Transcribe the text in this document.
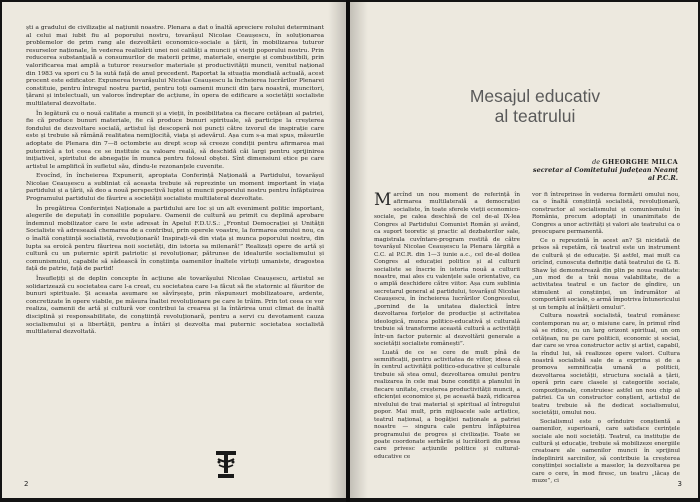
ști a gradului de civilizație al națiunii noastre. Plenara a dat o înaltă apreciere rolului determinant al celui mai iubit fiu al poporului nostru, tovarășul Nicolae Ceaușescu, în soluționarea problemelor de prim rang ale dezvoltării economico-sociale a țării, în mobilizarea tuturor resurselor naționale, în vederea realizării unei noi calități a muncii și vieții poporului nostru. Prin reducerea substanțială a consumurilor de materii prime, materiale, energie și combustibili, prin valorificarea mai amplă a tuturor resurselor materiale și productivității muncii, venitul național din 1983 va spori cu 5 la sută față de anul precedent. Raportat la situația mondială actuală, acest procent este edificator. Expunerea tovarășului Nicolae Ceaușescu la încheierea lucrărilor Plenarei constituie, pentru întregul nostru partid, pentru toți oamenii muncii din țara noastră, muncitori, țărani și intelectuali, un valoros îndreptar de acțiune, în opera de edificare a societății socialiste multilateral dezvoltate.

În legătură cu o nouă calitate a muncii și a vieții, în posibilitatea ca fiecare cetățean al patriei, fie că produce bunuri materiale, fie că produce bunuri spirituale, să participe la creșterea fondului de dezvoltare socială, artistul își descoperă noi puncți către izvorul de inspirație care este și trebuie să rămână realitatea nemijlocită, viața și adevărul. Așa cum s-a mai spus, măsurile adoptate de Plenara din 7—8 octombrie au drept scop să creeze condiții pentru afirmarea mai puternică a tot ceea ce se instituie ca valoare reală, să deschidă căi largi pentru sprijinirea inițiativei, spiritului de abnegație în munca pentru folosul obștei. Sînt dimensiuni etice pe care artistul le amplifică în sufletul său, dîndu-le rezonanțele cuvenite.

Evocînd, în încheierea Expunerii, apropiata Conferință Națională a Partidului, tovarășul Nicolae Ceaușescu a subliniat că aceasta trebuie să reprezinte un moment important în viața partidului și a țării, să deo a nouă perspectivă luptei și muncii poporului nostru pentru înfăptuirea Programului partidului de făurire a societății socialiste multilateral dezvoltate.

În pregătirea Conferinței Naționale a partidului are loc și un alt eveniment politic important, alegerile de deputați în consiliile populare. Oamenii de cultură au primit cu deplină aprobare îndemnul mobilizator care le este adresat în Apelul F.D.U.S.: „Frontul Democrației și Unității Socialiste vă adresează chemarea de a contribui, prin operele voastre, la formarea omului nou, ca o înaltă conștiință socialistă, revoluționară! Inspirați-vă din viața și munca poporului nostru, din lupta sa eroică pentru făurirea noii societăți, din istoria sa milenară!” Realizați opere de artă și cultură cu un puternic spirit patriotic și revoluționar, pătrunse de idealurile socialismului și comunismului, capabile să sădească în conștiința oamenilor înaltele virtuți umaniste, dragostea față de patrie, față de partid!

Însuflețiți și de deplin concepte în acțiune ale tovarășului Nicolae Ceaușescu, artistul se solidarizează cu societatea care l-a creat, cu societatea care l-a făcut să fie statornic al făuritor de bunuri spirituale. Și aceasta asumare se săvîrșește, prin răspunsuri mobilizatoare, ardente, concretizate în opere viabile, pe măsura înaltei revoluționare pe care le trăim. Prin tot ceea ce vor realiza, oamenii de artă și cultură vor contribui la crearea și la întărirea unui climat de înaltă disciplină și responsabilitate, de conștiință revoluționară, pentru a servi cu devotament cauza socialismului și a libertății, pentru a întări și dezvolta mai puternic societatea socialistă multilateral dezvoltată.

2
Mesajul educativ
al teatrului
de GHEORGHE MILCA
secretar al Comitetului județean Neamț
al P.C.R.

Marcînd un nou moment de referință în afirmarea multilaterală a democrației socialiste, în toate sferele vieții economico-sociale, pe calea deschisă de cel de-al IX-lea Congres al Partidului Comunist Român și având, ca suport teoretic și practic al dezbaterilor sale, magistrala cuvîntare-program rostită de către tovarășul Nicolae Ceaușescu la Plenara lărgită a C.C. al P.C.R. din 1—3 iunie a.c., cel de-al doilea Congres al educației politice și al culturii socialiste se înscrie în istoria nouă a culturii noastre, mai ales cu valențele sale orientative, ca o amplă deschidere către viitor. Așa cum sublinia secretarul general al partidului, tovarășul Nicolae Ceaușescu, în încheierea lucrărilor Congresului, „pornind de la unitatea dialectică între dezvoltarea forțelor de producție și activitatea ideologică, munca politico-educativă și culturală trebuie să transforme această cultură a activității într-un factor puternic al dezvoltării generale a societății socialiste românești”.

Luată de ce se cere de mult pînă de semnificații, pentru activitatea de viitor, ideea că în centrul activității politico-educative și culturale trebuie să stea omul, dezvoltarea omului pentru realizarea în cele mai bune condiții a planului în fiecare unitate, creșterea productivității muncii, a eficienței economice și, pe această bază, ridicarea nivelului de trai material și spiritual al întregului popor. Mai mult, prin mijloacele sale artistice, teatrul național, a bogăției naționale a patriei noastre — singura cale pentru înfăptuirea programului de progres și civilizație. Toate se poate coordonate serbările și lucrătorii din presa care privesc acțiunile politice și cultural-educative ce

vor fi întreprinse în vederea formării omului nou, ca o înaltă conștiință socialistă, revoluționară, constructor al socialismului și comunismului în România, precum adoptați in unanimitate de Congres a unor activități și valori ale teatrului ca o preocupare permanentă.

Ce o reprezintă în acest an? Și nicidată de prisos să repetăm, că teatrul este un instrument de cultură și de educație. Și astfel, mai mult ca oricînd, cunoscuta definiție dată teatrului de G. B. Shaw își demonstrează din plin pe noua realitate: „un mod de a trăi noua valabilitate, de a activitatea teatrul e un factor de gîndire, un stimulent al conștiinței, un îndrumător al comportării sociale, o armă împotriva întunericului și un templu al înălțării omului”.

Cultura noastră socialistă, teatrul românesc contemporan nu ar, o misiune care, în primul rînd să se ridice, cu un larg orizont spiritual, un om cetățean, nu pe care politicii, economic și social, dar care se vrea constructor activ și artist, capabil, la rîndul lui, să realizeze opere valori. Cultura noastră socialistă sale de a exprima și de a promova semnificația umană a politicii, dezvoltarea societății, structura socială a țării, operă prin care clasele și categoriile sociale, compoziționale, construiesc astfel un nou chip al patriei. Ca un constructor conștient, artistul de teatru trebuie să fie dedicat socialismului, societății, omului nou.

Socialismul este o orînduire conștientă a oamenilor, superioară, care satisface cerințele sociale ale noii societăți. Teatrul, ca instituție de cultură și educație, trebuie să mobilizeze energiile creatoare ale oamenilor muncii în sprijinul îndeplinirii sarcinilor, să contribuie la creșterea conștiinței socialiste a maselor, la dezvoltarea pe care o cere, în mod firesc, un teatru „lăcaș de muze”, ci	3
